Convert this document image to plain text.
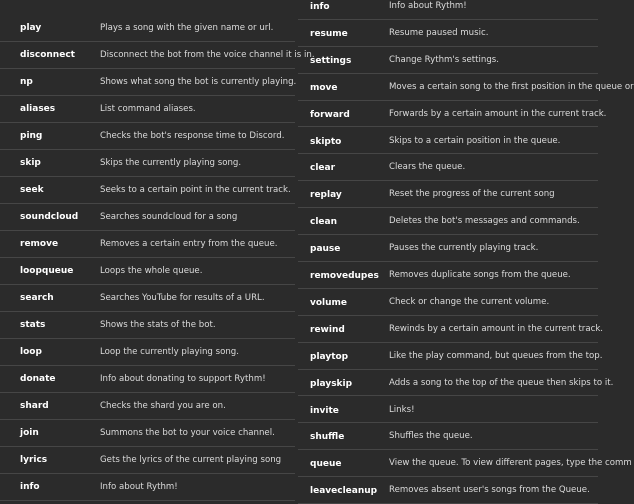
play	Plays a song with the given name or url.
disconnect	Disconnect the bot from the voice channel it is in.
np	Shows what song the bot is currently playing.
aliases	List command aliases.
ping	Checks the bot's response time to Discord.
skip	Skips the currently playing song.
seek	Seeks to a certain point in the current track.
soundcloud	Searches soundcloud for a song
remove	Removes a certain entry from the queue.
loopqueue	Loops the whole queue.
search	Searches YouTube for results of a URL.
stats	Shows the stats of the bot.
loop	Loop the currently playing song.
donate	Info about donating to support Rythm!
shard	Checks the shard you are on.
join	Summons the bot to your voice channel.
lyrics	Gets the lyrics of the current playing song
info	Info about Rythm!
info	Info about Rythm!
resume	Resume paused music.
settings	Change Rythm's settings.
move	Moves a certain song to the first position in the queue or
forward	Forwards by a certain amount in the current track.
skipto	Skips to a certain position in the queue.
clear	Clears the queue.
replay	Reset the progress of the current song
clean	Deletes the bot's messages and commands.
pause	Pauses the currently playing track.
removedupes Removes duplicate songs from the queue.
volume	Check or change the current volume.
rewind	Rewinds by a certain amount in the current track.
playtop	Like the play command, but queues from the top.
playskip	Adds a song to the top of the queue then skips to it.
invite	Links!
shuffle	Shuffles the queue.
queue	View the queue. To view different pages, type the comm
leavecleanup Removes absent user's songs from the Queue.
